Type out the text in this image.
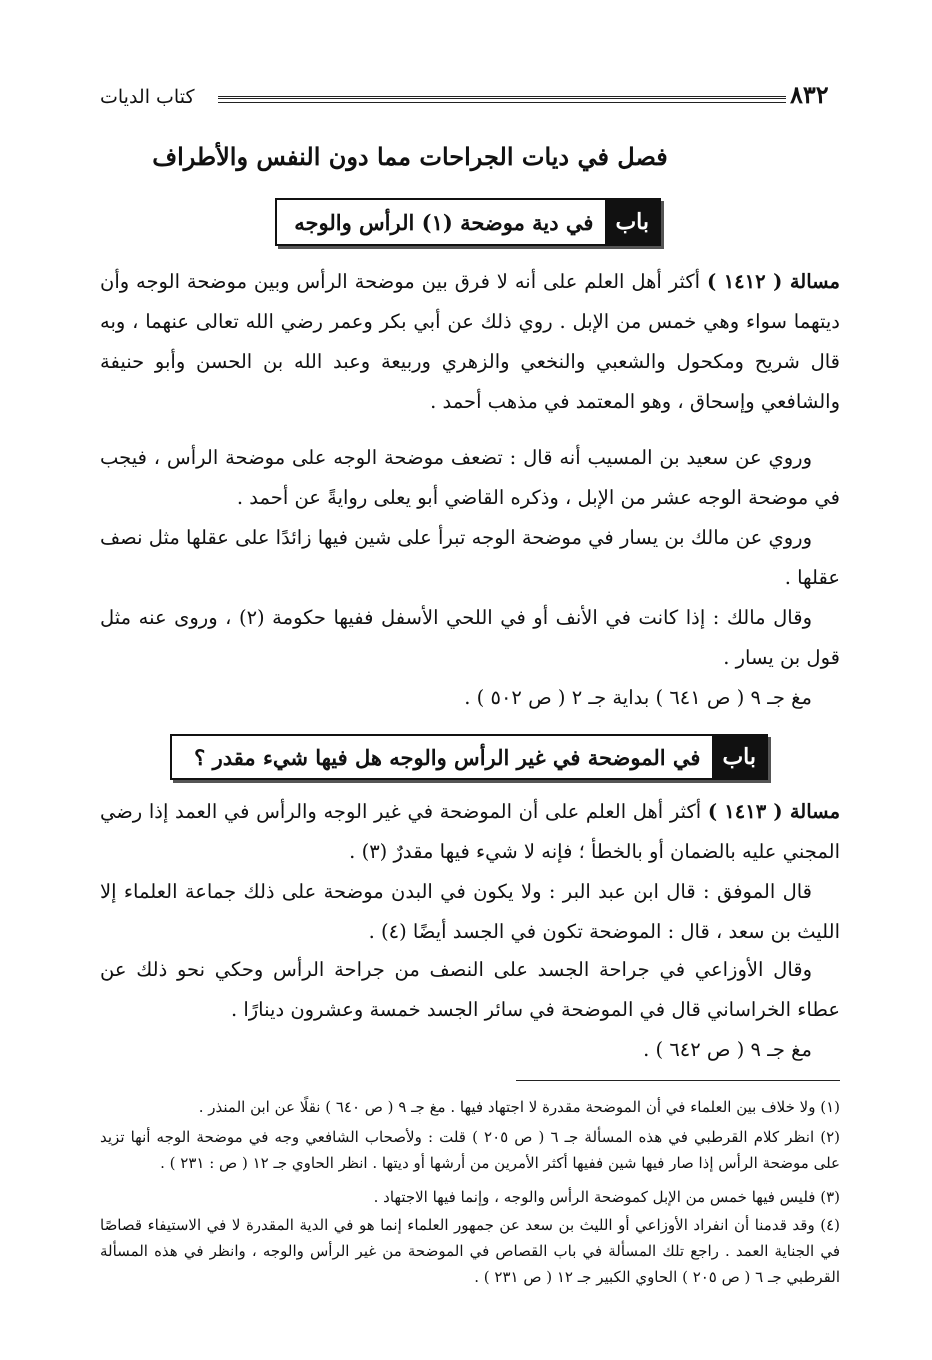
٨٣٢
كتاب الديات
فصل في ديات الجراحات مما دون النفس والأطراف
باب
في دية موضحة (١) الرأس والوجه
مسالة ( ١٤١٢ ) أكثر أهل العلم على أنه لا فرق بين موضحة الرأس وبين موضحة الوجه وأن ديتهما سواء وهي خمس من الإبل . روي ذلك عن أبي بكر وعمر رضي الله تعالى عنهما ، وبه قال شريح ومكحول والشعبي والنخعي والزهري وربيعة وعبد الله بن الحسن وأبو حنيفة والشافعي وإسحاق ، وهو المعتمد في مذهب أحمد .
وروي عن سعيد بن المسيب أنه قال : تضعف موضحة الوجه على موضحة الرأس ، فيجب في موضحة الوجه عشر من الإبل ، وذكره القاضي أبو يعلى روايةً عن أحمد .
وروي عن مالك بن يسار في موضحة الوجه تبرأ على شين فيها زائدًا على عقلها مثل نصف عقلها .
وقال مالك : إذا كانت في الأنف أو في اللحي الأسفل ففيها حكومة (٢) ، وروى عنه مثل قول بن يسار .
مغ جـ ٩ ( ص ٦٤١ ) بداية جـ ٢ ( ص ٥٠٢ ) .
باب
في الموضحة في غير الرأس والوجه هل فيها شيء مقدر ؟
مسالة ( ١٤١٣ ) أكثر أهل العلم على أن الموضحة في غير الوجه والرأس في العمد إذا رضي المجني عليه بالضمان أو بالخطأ ؛ فإنه لا شيء فيها مقدرٌ (٣) .
قال الموفق : قال ابن عبد البر : ولا يكون في البدن موضحة على ذلك جماعة العلماء إلا الليث بن سعد ، قال : الموضحة تكون في الجسد أيضًا (٤) .
وقال الأوزاعي في جراحة الجسد على النصف من جراحة الرأس وحكي نحو ذلك عن عطاء الخراساني قال في الموضحة في سائر الجسد خمسة وعشرون دينارًا .
مغ جـ ٩ ( ص ٦٤٢ ) .
(١) ولا خلاف بين العلماء في أن الموضحة مقدرة لا اجتهاد فيها . مغ جـ ٩ ( ص ٦٤٠ ) نقلًا عن ابن المنذر .
(٢) انظر كلام القرطبي في هذه المسألة جـ ٦ ( ص ٢٠٥ ) قلت : ولأصحاب الشافعي وجه في موضحة الوجه أنها تزيد على موضحة الرأس إذا صار فيها شين ففيها أكثر الأمرين من أرشها أو ديتها . انظر الحاوي جـ ١٢ ( ص : ٢٣١ ) .
(٣) فليس فيها خمس من الإبل كموضحة الرأس والوجه ، وإنما فيها الاجتهاد .
(٤) وقد قدمنا أن انفراد الأوزاعي أو الليث بن سعد عن جمهور العلماء إنما هو في الدية المقدرة لا في الاستيفاء قصاصًا في الجناية العمد . راجع تلك المسألة في باب القصاص في الموضحة من غير الرأس والوجه ، وانظر في هذه المسألة القرطبي جـ ٦ ( ص ٢٠٥ ) الحاوي الكبير جـ ١٢ ( ص ٢٣١ ) .
